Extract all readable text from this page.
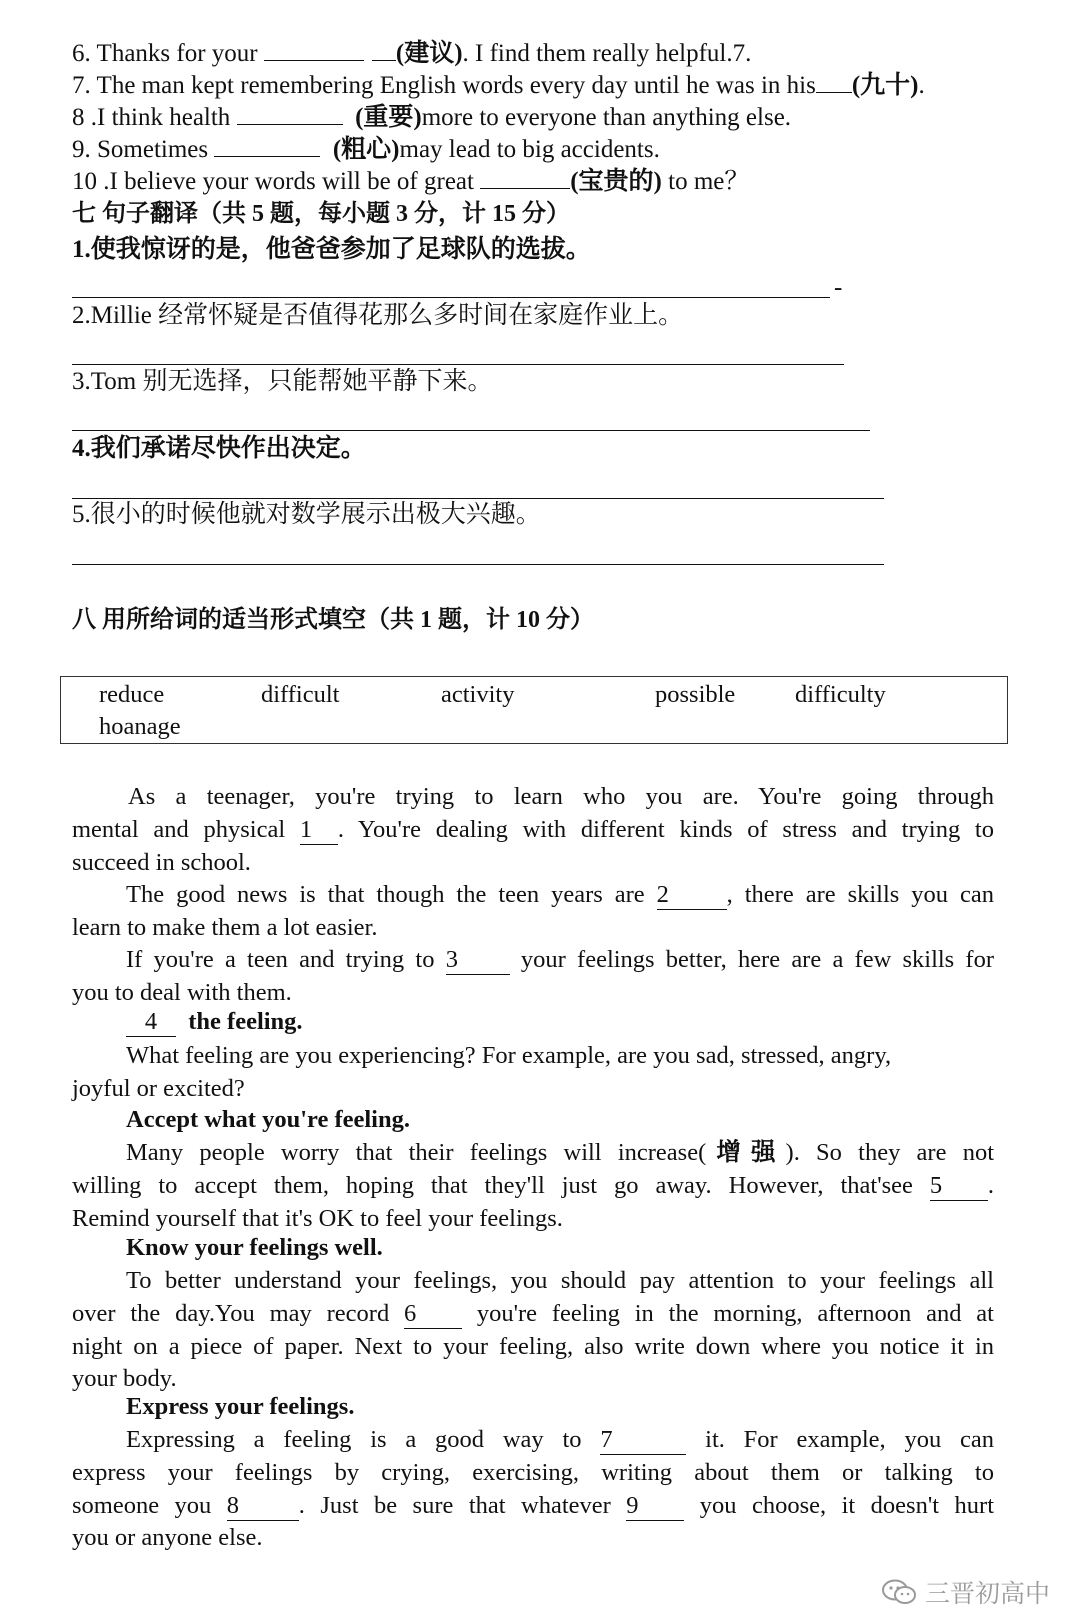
6. Thanks for your	(建议). I find them really helpful.7.
7. The man kept remembering English words every day until he was in his (九十).
8 .I think health	(重要)more to everyone than anything else.
9. Sometimes	(粗心)may lead to big accidents.
10 .I believe your words will be of great	(宝贵的) to me？
七 句子翻译（共 5 题，每小题 3 分，计 15 分）
1.使我惊讶的是，他爸爸参加了足球队的选拔。
-
2.Millie 经常怀疑是否值得花那么多时间在家庭作业上。
3.Tom 别无选择，只能帮她平静下来。
4.我们承诺尽快作出决定。
5.很小的时候他就对数学展示出极大兴趣。
八 用所给词的适当形式填空（共 1 题，计 10 分）
reduce	difficult	activity	possible difficulty
hoanage
As a teenager, you're trying to learn who you are. You're going through
mental and physical 1 . You're dealing with different kinds of stress and trying to
succeed in school.
The good news is that though the teen years are 2 , there are skills you can
learn to make them a lot easier.
If you're a teen and trying to 3 your feelings better, here are a few skills for
you to deal with them.
4 the feeling.
What feeling are you experiencing? For example, are you sad, stressed, angry,
joyful or excited?
Accept what you're feeling.
Many people worry that their feelings will increase(增强). So they are not
willing to accept them, hoping that they'll just go away. However, that'see 5 .
Remind yourself that it's OK to feel your feelings.
Know your feelings well.
To better understand your feelings, you should pay attention to your feelings all
over the day.You may record 6 you're feeling in the morning, afternoon and at
night on a piece of paper. Next to your feeling, also write down where you notice it in
your body.
Express your feelings.
Expressing a feeling is a good way to 7	it. For example, you can
express your feelings by crying, exercising, writing about them or talking to
someone you 8 . Just be sure that whatever 9 you choose, it doesn't hurt
you or anyone else.
三晋初高中
